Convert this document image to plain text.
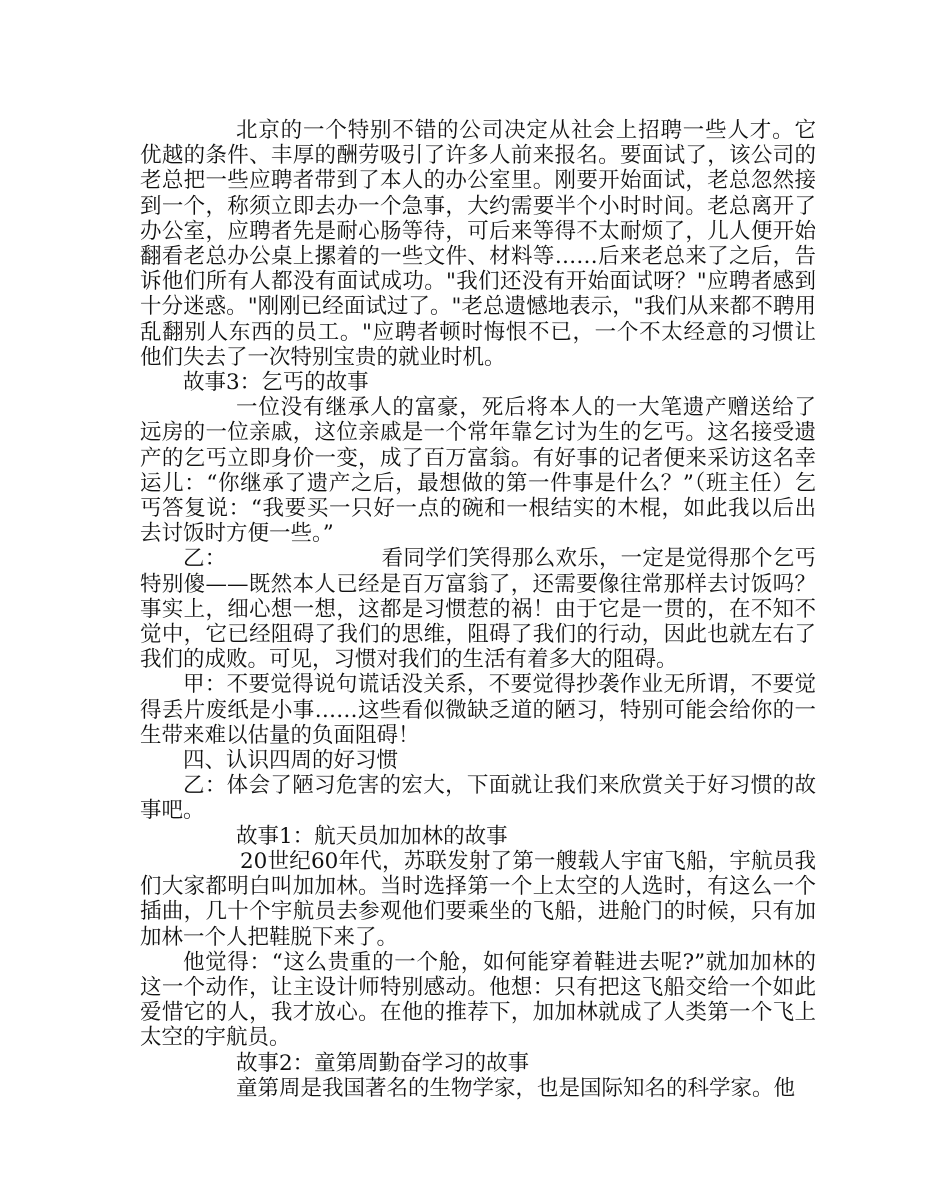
北京的一个特别不错的公司决定从社会上招聘一些人才。它优越的条件、丰厚的酬劳吸引了许多人前来报名。要面试了，该公司的老总把一些应聘者带到了本人的办公室里。刚要开始面试，老总忽然接到一个，称须立即去办一个急事，大约需要半个小时时间。老总离开了办公室，应聘者先是耐心肠等待，可后来等得不太耐烦了，儿人便开始翻看老总办公桌上摞着的一些文件、材料等……后来老总来了之后，告诉他们所有人都没有面试成功。"我们还没有开始面试呀？"应聘者感到十分迷惑。"刚刚已经面试过了。"老总遗憾地表示，"我们从来都不聘用乱翻别人东西的员工。"应聘者顿时悔恨不已，一个不太经意的习惯让他们失去了一次特别宝贵的就业时机。

故事3：乞丐的故事

一位没有继承人的富豪，死后将本人的一大笔遗产赠送给了远房的一位亲戚，这位亲戚是一个常年靠乞讨为生的乞丐。这名接受遗产的乞丐立即身价一变，成了百万富翁。有好事的记者便来采访这名幸运儿：“你继承了遗产之后，最想做的第一件事是什么？”（班主任）乞丐答复说：“我要买一只好一点的碗和一根结实的木棍，如此我以后出去讨饭时方便一些。”

乙：	看同学们笑得那么欢乐，一定是觉得那个乞丐特别傻——既然本人已经是百万富翁了，还需要像往常那样去讨饭吗？事实上，细心想一想，这都是习惯惹的祸！由于它是一贯的，在不知不觉中，它已经阻碍了我们的思维，阻碍了我们的行动，因此也就左右了我们的成败。可见，习惯对我们的生活有着多大的阻碍。

甲：不要觉得说句谎话没关系，不要觉得抄袭作业无所谓，不要觉得丢片废纸是小事……这些看似微缺乏道的陋习，特别可能会给你的一生带来难以估量的负面阻碍！

四、认识四周的好习惯

乙：体会了陋习危害的宏大，下面就让我们来欣赏关于好习惯的故事吧。

故事1：航天员加加林的故事

20世纪60年代，苏联发射了第一艘载人宇宙飞船，宇航员我们大家都明白叫加加林。当时选择第一个上太空的人选时，有这么一个插曲，几十个宇航员去参观他们要乘坐的飞船，进舱门的时候，只有加加林一个人把鞋脱下来了。

他觉得：“这么贵重的一个舱，如何能穿着鞋进去呢?”就加加林的这一个动作，让主设计师特别感动。他想：只有把这飞船交给一个如此爱惜它的人，我才放心。在他的推荐下，加加林就成了人类第一个飞上太空的宇航员。

故事2：童第周勤奋学习的故事

童第周是我国著名的生物学家，也是国际知名的科学家。他
